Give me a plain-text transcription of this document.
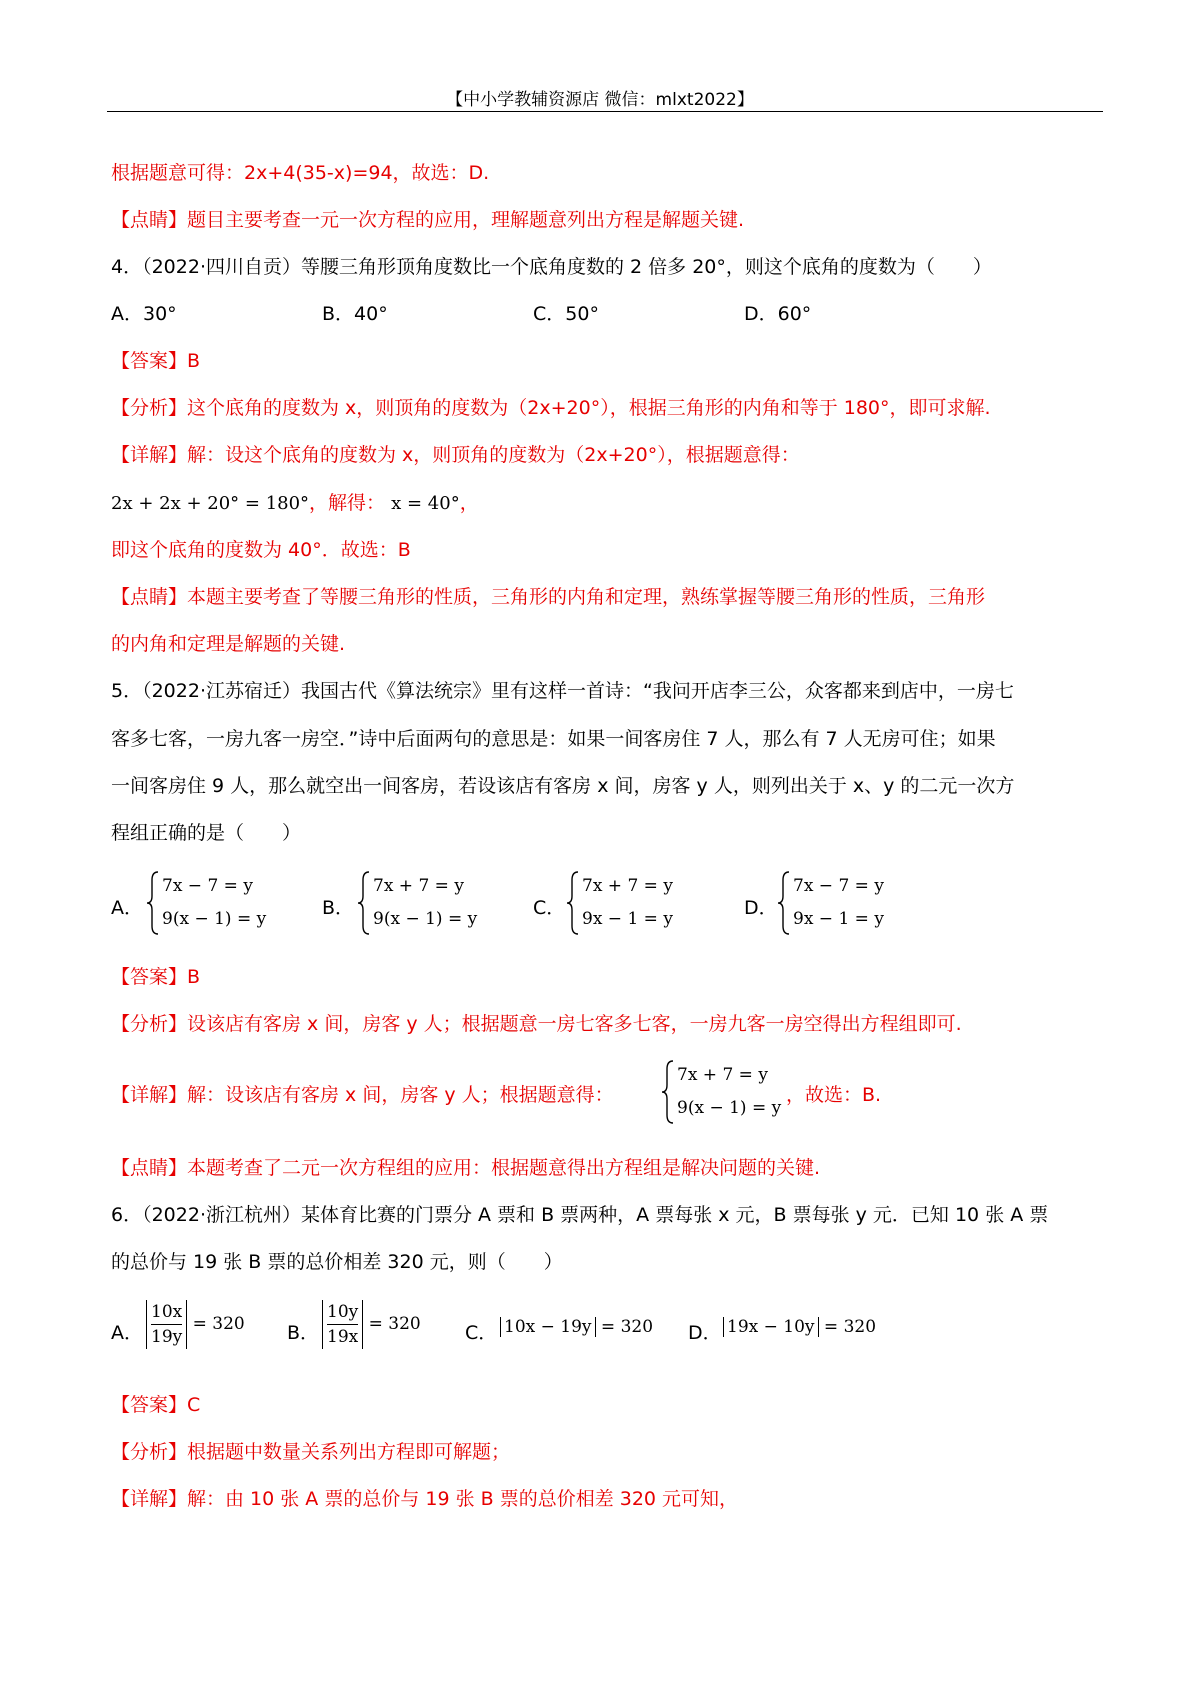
【中小学教辅资源店 微信：mlxt2022】
根据题意可得：2x+4(35-x)=94，故选：D.
【点睛】题目主要考查一元一次方程的应用，理解题意列出方程是解题关键.
4．（2022·四川自贡）等腰三角形顶角度数比一个底角度数的 2 倍多 20°，则这个底角的度数为（　　）
A．30°	B．40°	C．50°	D．60°
【答案】B
【分析】这个底角的度数为 x，则顶角的度数为（2x+20°），根据三角形的内角和等于 180°，即可求解.
【详解】解：设这个底角的度数为 x，则顶角的度数为（2x+20°），根据题意得：
2x + 2x + 20° = 180°，解得： x = 40°，
即这个底角的度数为 40°．故选：B
【点睛】本题主要考查了等腰三角形的性质，三角形的内角和定理，熟练掌握等腰三角形的性质，三角形
的内角和定理是解题的关键.
5．（2022·江苏宿迁）我国古代《算法统宗》里有这样一首诗：“我问开店李三公，众客都来到店中，一房七
客多七客，一房九客一房空．”诗中后面两句的意思是：如果一间客房住 7 人，那么有 7 人无房可住；如果
一间客房住 9 人，那么就空出一间客房，若设该店有客房 x 间，房客 y 人，则列出关于 x、y 的二元一次方
程组正确的是（　　）
A．
7x − 7 = y
9(x − 1) = y	B．
7x + 7 = y
9(x − 1) = y	C．
7x + 7 = y
9x − 1 = y	D．
7x − 7 = y
9x − 1 = y
【答案】B
【分析】设该店有客房 x 间，房客 y 人；根据题意一房七客多七客，一房九客一房空得出方程组即可.
【详解】解：设该店有客房 x 间，房客 y 人；根据题意得：
7x + 7 = y
9(x − 1) = y
，故选：B.
【点睛】本题考查了二元一次方程组的应用：根据题意得出方程组是解决问题的关键.
6．（2022·浙江杭州）某体育比赛的门票分 A 票和 B 票两种，A 票每张 x 元，B 票每张 y 元．已知 10 张 A 票
的总价与 19 张 B 票的总价相差 320 元，则（　　）
A． $\frac{10x}{19y} = 320$ B． $\frac{10y}{19x} = 320$ C． 10x − 19y = 320 D． 19x − 10y = 320
【答案】C
【分析】根据题中数量关系列出方程即可解题；
【详解】解：由 10 张 A 票的总价与 19 张 B 票的总价相差 320 元可知，
